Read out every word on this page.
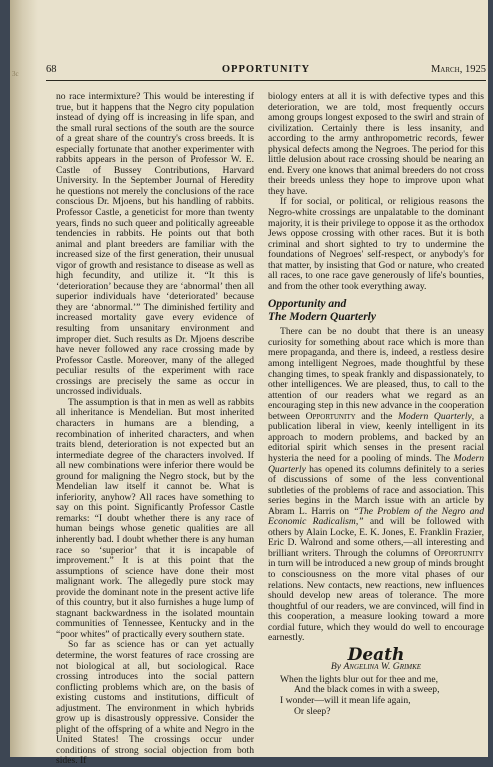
3c	68	OPPORTUNITY	March, 1925

no race intermixture? This would be interesting if true, but it happens that the Negro city population instead of dying off is increasing in life span, and the small rural sections of the south are the source of a great share of the country's cross breeds. It is especially fortunate that another experimenter with rabbits appears in the person of Professor W. E. Castle of Bussey Contributions, Harvard University. In the September Journal of Heredity he questions not merely the conclusions of the race conscious Dr. Mjoens, but his handling of rabbits. Professor Castle, a geneticist for more than twenty years, finds no such queer and politically agreeable tendencies in rabbits. He points out that both animal and plant breeders are familiar with the increased size of the first generation, their unusual vigor of growth and resistance to disease as well as high fecundity, and utilize it. “It this is ‘deterioration’ because they are ‘abnormal’ then all superior individuals have ‘deteriorated’ because they are ‘abnormal.’” The diminished fertility and increased mortality gave every evidence of resulting from unsanitary environment and improper diet. Such results as Dr. Mjoens describe have never followed any race crossing made by Professor Castle. Moreover, many of the alleged peculiar results of the experiment with race crossings are precisely the same as occur in uncrossed individuals.

The assumption is that in men as well as rabbits all inheritance is Mendelian. But most inherited characters in humans are a blending, a recombination of inherited characters, and when traits blend, deterioration is not expected but an intermediate degree of the characters involved. If all new combinations were inferior there would be ground for maligning the Negro stock, but by the Mendelian law itself it cannot be. What is inferiority, anyhow? All races have something to say on this point. Significantly Professor Castle remarks: “I doubt whether there is any race of human beings whose genetic qualities are all inherently bad. I doubt whether there is any human race so ‘superior’ that it is incapable of improvement.” It is at this point that the assumptions of science have done their most malignant work. The allegedly pure stock may provide the dominant note in the present active life of this country, but it also furnishes a huge lump of stagnant backwardness in the isolated mountain communities of Tennessee, Kentucky and in the “poor whites” of practically every southern state.

So far as science has or can yet actually determine, the worst features of race crossing are not biological at all, but sociological. Race crossing introduces into the social pattern conflicting problems which are, on the basis of existing customs and institutions, difficult of adjustment. The environment in which hybrids grow up is disastrously oppressive. Consider the plight of the offspring of a white and Negro in the United States! The crossings occur under conditions of strong social objection from both sides. If

biology enters at all it is with defective types and this deterioration, we are told, most frequently occurs among groups longest exposed to the swirl and strain of civilization. Certainly there is less insanity, and according to the army anthropometric records, fewer physical defects among the Negroes. The period for this little delusion about race crossing should be nearing an end. Every one knows that animal breeders do not cross their breeds unless they hope to improve upon what they have.

If for social, or political, or religious reasons the Negro-white crossings are unpalatable to the dominant majority, it is their privilege to oppose it as the orthodox Jews oppose crossing with other races. But it is both criminal and short sighted to try to undermine the foundations of Negroes' self-respect, or anybody's for that matter, by insisting that God or nature, who created all races, to one race gave generously of life's bounties, and from the other took everything away.

Opportunity and
The Modern Quarterly

There can be no doubt that there is an uneasy curiosity for something about race which is more than mere propaganda, and there is, indeed, a restless desire among intelligent Negroes, made thoughtful by these changing times, to speak frankly and dispassionately, to other intelligences. We are pleased, thus, to call to the attention of our readers what we regard as an encouraging step in this new advance in the cooperation between Opportunity and the Modern Quarterly, a publication liberal in view, keenly intelligent in its approach to modern problems, and backed by an editorial spirit which senses in the present racial hysteria the need for a pooling of minds. The Modern Quarterly has opened its columns definitely to a series of discussions of some of the less conventional subtleties of the problems of race and association. This series begins in the March issue with an article by Abram L. Harris on “The Problem of the Negro and Economic Radicalism,” and will be followed with others by Alain Locke, E. K. Jones, E. Franklin Frazier, Eric D. Walrond and some others,—all interesting and brilliant writers. Through the columns of Opportunity in turn will be introduced a new group of minds brought to consciousness on the more vital phases of our relations. New contacts, new reactions, new influences should develop new areas of tolerance. The more thoughtful of our readers, we are convinced, will find in this cooperation, a measure looking toward a more cordial future, which they would do well to encourage earnestly.

Death
By Angelina W. Grimke

When the lights blur out for thee and me,

And the black comes in with a sweep,

I wonder—will it mean life again,

Or sleep?
